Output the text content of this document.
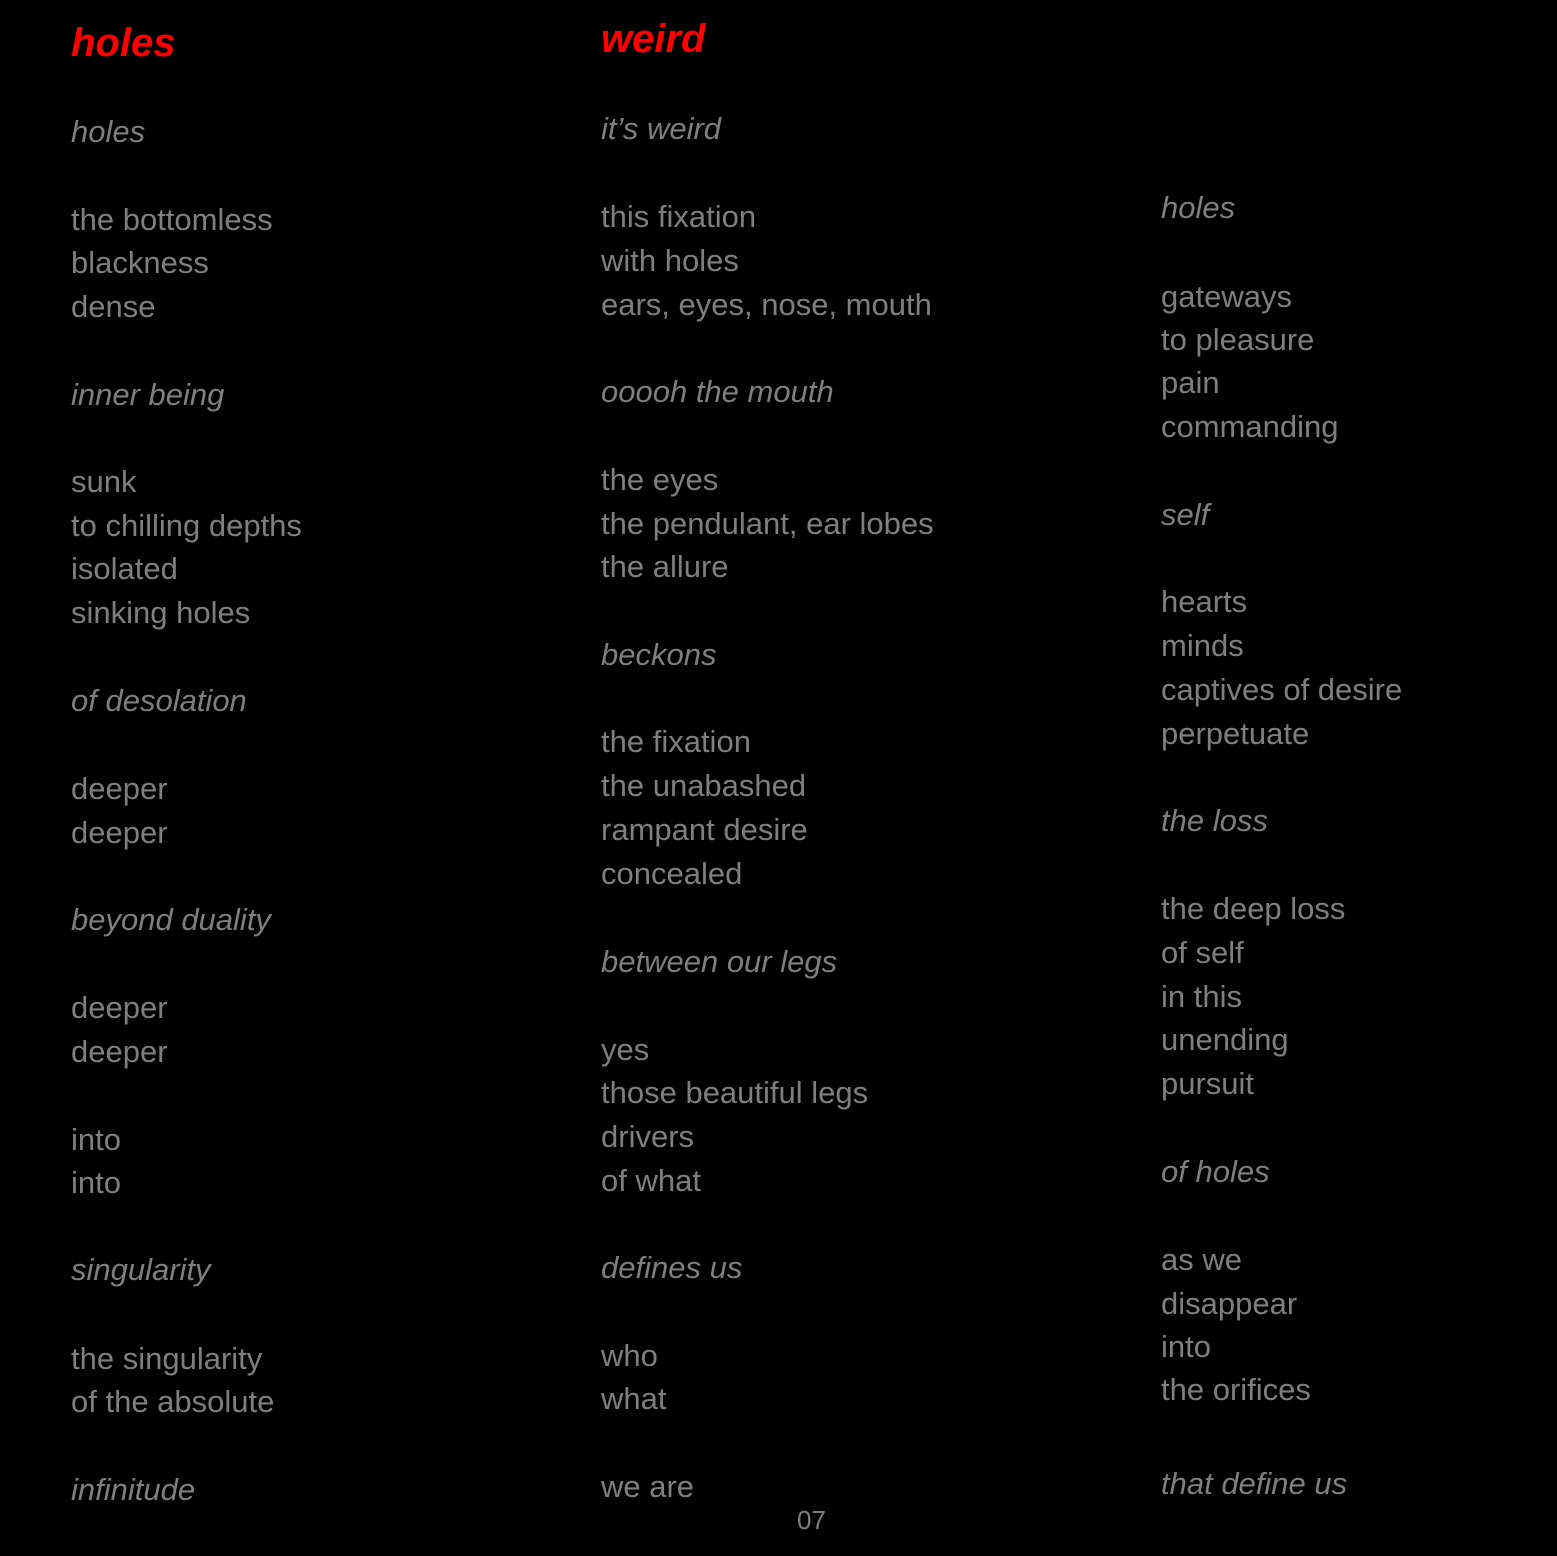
holes
holes
the bottomless
blackness
dense
inner being
sunk
to chilling depths
isolated
sinking holes
of desolation
deeper
deeper
beyond duality
deeper
deeper
into
into
singularity
the singularity
of the absolute
infinitude
weird
it’s weird
this fixation
with holes
ears, eyes, nose, mouth
ooooh the mouth
the eyes
the pendulant, ear lobes
the allure
beckons
the fixation
the unabashed
rampant desire
concealed
between our legs
yes
those beautiful legs
drivers
of what
defines us
who
what
we are
holes
gateways
to pleasure
pain
commanding
self
hearts
minds
captives of desire
perpetuate
the loss
the deep loss
of self
in this
unending
pursuit
of holes
as we
disappear
into
the orifices
that define us
07
